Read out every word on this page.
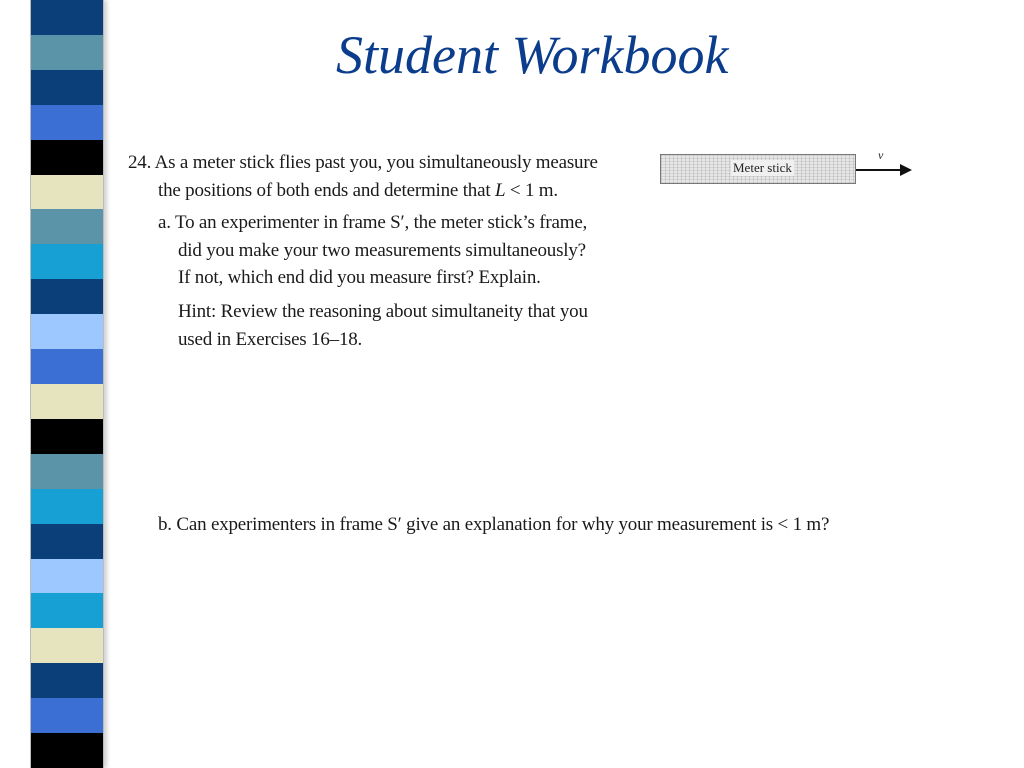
Student Workbook
24. As a meter stick flies past you, you simultaneously measure
the positions of both ends and determine that L < 1 m.
a. To an experimenter in frame S′, the meter stick’s frame,
did you make your two measurements simultaneously?
If not, which end did you measure first? Explain.
Hint: Review the reasoning about simultaneity that you
used in Exercises 16–18.
b. Can experimenters in frame S′ give an explanation for why your measurement is < 1 m?
Meter stick
v
